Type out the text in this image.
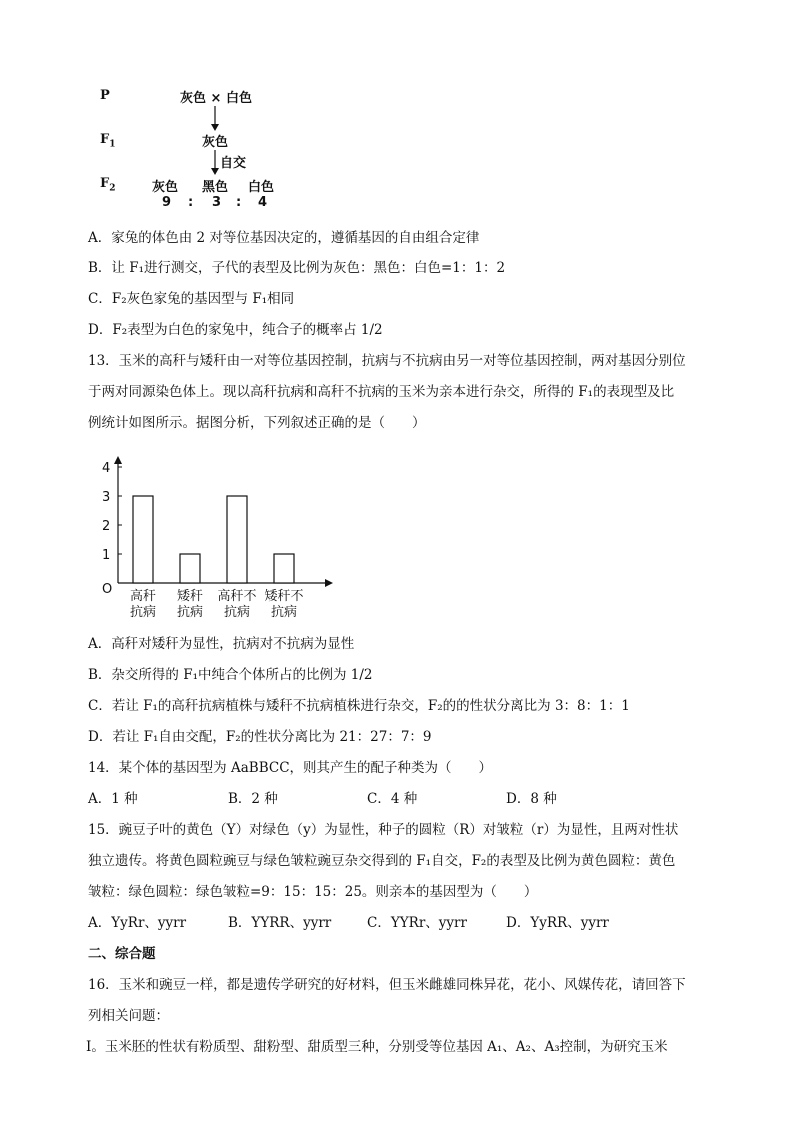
P
$F_1$
$F_2$
灰色 × 白色
灰色
自交
灰色 黑色 白色
9 : 3 : 4
A．家兔的体色由 2 对等位基因决定的，遵循基因的自由组合定律
B．让 F₁进行测交，子代的表型及比例为灰色：黑色：白色=1：1：2
C．F₂灰色家兔的基因型与 F₁相同
D．F₂表型为白色的家兔中，纯合子的概率占 1/2
13．玉米的高秆与矮秆由一对等位基因控制，抗病与不抗病由另一对等位基因控制，两对基因分别位
于两对同源染色体上。现以高秆抗病和高秆不抗病的玉米为亲本进行杂交，所得的 F₁的表现型及比
例统计如图所示。据图分析，下列叙述正确的是（　　）
O
1
2
3
4
高秆
抗病
矮秆
抗病
高秆不
抗病
矮秆不
抗病
A．高秆对矮秆为显性，抗病对不抗病为显性
B．杂交所得的 F₁中纯合个体所占的比例为 1/2
C．若让 F₁的高秆抗病植株与矮秆不抗病植株进行杂交，F₂的的性状分离比为 3：8：1：1
D．若让 F₁自由交配，F₂的性状分离比为 21：27：7：9
14．某个体的基因型为 AaBBCC，则其产生的配子种类为（　　）
A．1 种	B．2 种	C．4 种	D．8 种
15．豌豆子叶的黄色（Y）对绿色（y）为显性，种子的圆粒（R）对皱粒（r）为显性，且两对性状
独立遗传。将黄色圆粒豌豆与绿色皱粒豌豆杂交得到的 F₁自交，F₂的表型及比例为黄色圆粒：黄色
皱粒：绿色圆粒：绿色皱粒=9：15：15：25。则亲本的基因型为（　　）
A．YyRr、yyrr	B．YYRR、yyrr	C．YYRr、yyrr	D．YyRR、yyrr
二、综合题
16．玉米和豌豆一样，都是遗传学研究的好材料，但玉米雌雄同株异花，花小、风媒传花，请回答下
列相关问题：
Ⅰ。玉米胚的性状有粉质型、甜粉型、甜质型三种，分别受等位基因 A₁、A₂、A₃控制，为研究玉米
